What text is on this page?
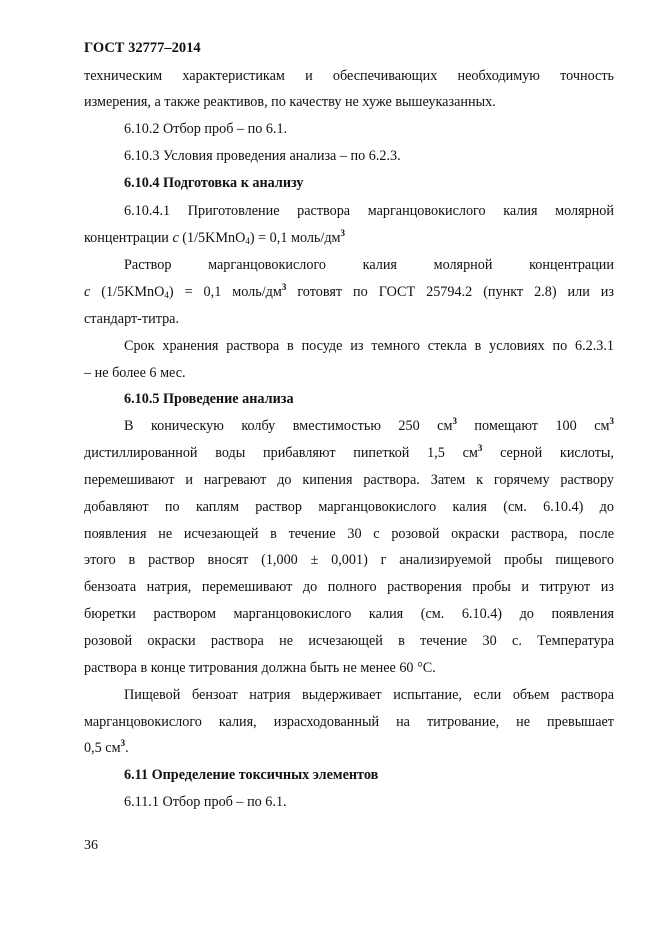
ГОСТ 32777–2014
техническим характеристикам и обеспечивающих необходимую точность
измерения, а также реактивов, по качеству не хуже вышеуказанных.
6.10.2 Отбор проб – по 6.1.
6.10.3 Условия проведения анализа – по 6.2.3.
6.10.4 Подготовка к анализу
6.10.4.1 Приготовление раствора марганцовокислого калия молярной
концентрации c (1/5KMnO$_4$) = 0,1 моль/$дм^3$
Раствор марганцовокислого калия молярной концентрации
c (1/5KMnO$_4$) = 0,1 моль/$дм^3$ готовят по ГОСТ 25794.2 (пункт 2.8) или из
стандарт-титра.
Срок хранения раствора в посуде из темного стекла в условиях по 6.2.3.1
– не более 6 мес.
6.10.5 Проведение анализа
В коническую колбу вместимостью 250 $см^3$ помещают 100 $см^3$
дистиллированной воды прибавляют пипеткой 1,5 $см^3$ серной кислоты,
перемешивают и нагревают до кипения раствора. Затем к горячему раствору
добавляют по каплям раствор марганцовокислого калия (см. 6.10.4) до
появления не исчезающей в течение 30 с розовой окраски раствора, после
этого в раствор вносят (1,000 ± 0,001) г анализируемой пробы пищевого
бензоата натрия, перемешивают до полного растворения пробы и титруют из
бюретки раствором марганцовокислого калия (см. 6.10.4) до появления
розовой окраски раствора не исчезающей в течение 30 с. Температура
раствора в конце титрования должна быть не менее 60 °С.
Пищевой бензоат натрия выдерживает испытание, если объем раствора
марганцовокислого калия, израсходованный на титрование, не превышает
0,5 $см^3$.
6.11 Определение токсичных элементов
6.11.1 Отбор проб – по 6.1.
36
